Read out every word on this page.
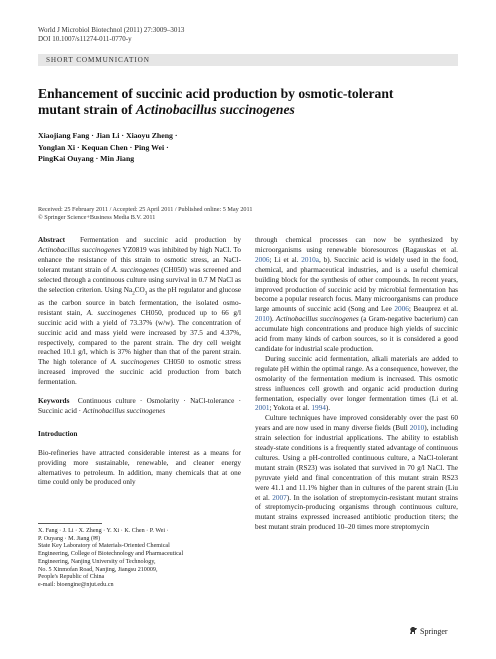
World J Microbiol Biotechnol (2011) 27:3009–3013
DOI 10.1007/s11274-011-0770-y
SHORT COMMUNICATION
Enhancement of succinic acid production by osmotic-tolerant
mutant strain of Actinobacillus succinogenes
Xiaojiang Fang · Jian Li · Xiaoyu Zheng ·
Yonglan Xi · Kequan Chen · Ping Wei ·
PingKai Ouyang · Min Jiang
Received: 25 February 2011 / Accepted: 25 April 2011 / Published online: 5 May 2011
© Springer Science+Business Media B.V. 2011

Abstract Fermentation and succinic acid production by Actinobacillus succinogenes YZ0819 was inhibited by high NaCl. To enhance the resistance of this strain to osmotic stress, an NaCl-tolerant mutant strain of A. succinogenes (CH050) was screened and selected through a continuous culture using survival in 0.7 M NaCl as the selection criterion. Using $Na_2CO_3$ as the pH regulator and glucose as the carbon source in batch fermentation, the isolated osmo-resistant stain, A. succinogenes CH050, produced up to 66 g/l succinic acid with a yield of 73.37% (w/w). The concentration of succinic acid and mass yield were increased by 37.5 and 4.37%, respectively, compared to the parent strain. The dry cell weight reached 10.1 g/l, which is 37% higher than that of the parent strain. The high tolerance of A. succinogenes CH050 to osmotic stress increased improved the succinic acid production from batch fermentation.

Keywords Continuous culture · Osmolarity · NaCl-tolerance · Succinic acid · Actinobacillus succinogenes

Introduction

Bio-refineries have attracted considerable interest as a means for providing more sustainable, renewable, and cleaner energy alternatives to petroleum. In addition, many chemicals that at one time could only be produced only

X. Fang · J. Li · X. Zheng · Y. Xi · K. Chen · P. Wei ·
P. Ouyang · M. Jiang (✉)
State Key Laboratory of Materials-Oriented Chemical
Engineering, College of Biotechnology and Pharmaceutical
Engineering, Nanjing University of Technology,
No. 5 Xinmofan Road, Nanjing, Jiangsu 210009,
People's Republic of China
e-mail: bioengine@njut.edu.cn

through chemical processes can now be synthesized by microorganisms using renewable bioresources (Ragauskas et al. 2006; Li et al. 2010a, b). Succinic acid is widely used in the food, chemical, and pharmaceutical industries, and is a useful chemical building block for the synthesis of other compounds. In recent years, improved production of succinic acid by microbial fermentation has become a popular research focus. Many microorganisms can produce large amounts of succinic acid (Song and Lee 2006; Beauprez et al. 2010). Actinobacillus succinogenes (a Gram-negative bacterium) can accumulate high concentrations and produce high yields of succinic acid from many kinds of carbon sources, so it is considered a good candidate for industrial scale production.

During succinic acid fermentation, alkali materials are added to regulate pH within the optimal range. As a consequence, however, the osmolarity of the fermentation medium is increased. This osmotic stress influences cell growth and organic acid production during fermentation, especially over longer fermentation times (Li et al. 2001; Yokota et al. 1994).

Culture techniques have improved considerably over the past 60 years and are now used in many diverse fields (Bull 2010), including strain selection for industrial applications. The ability to establish steady-state conditions is a frequently stated advantage of continuous cultures. Using a pH-controlled continuous culture, a NaCl-tolerant mutant strain (RS23) was isolated that survived in 70 g/l NaCl. The pyruvate yield and final concentration of this mutant strain RS23 were 41.1 and 11.1% higher than in cultures of the parent strain (Liu et al. 2007). In the isolation of streptomycin-resistant mutant strains of streptomycin-producing organisms through continuous culture, mutant strains expressed increased antibiotic production titers; the best mutant strain produced 10–20 times more streptomycin

Springer
